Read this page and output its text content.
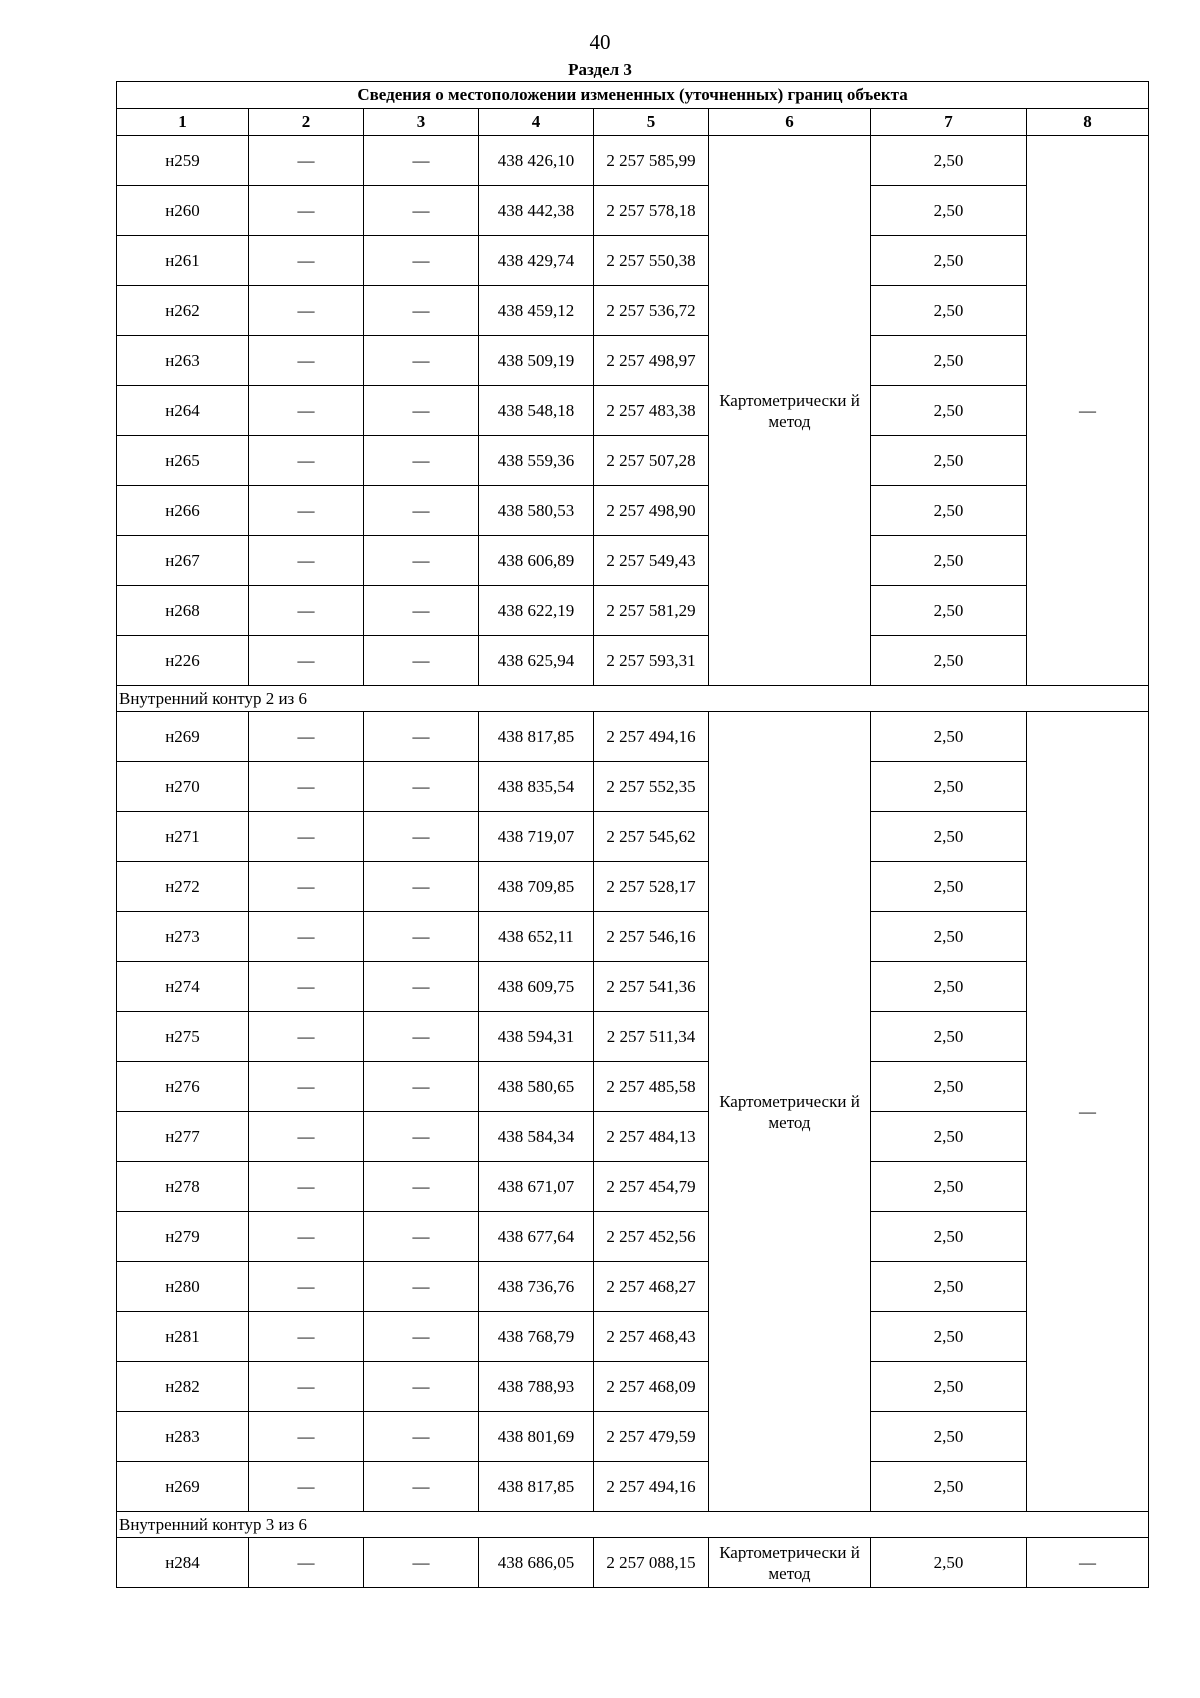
40
Раздел 3
Сведения о местоположении измененных (уточненных) границ объекта							
1	2	3	4	5	6	7	8
н259	—	—	438 426,10	2 257 585,99	Картометрически й метод	2,50	—
н260	—	—	438 442,38	2 257 578,18		2,50	
н261	—	—	438 429,74	2 257 550,38		2,50	
н262	—	—	438 459,12	2 257 536,72		2,50	
н263	—	—	438 509,19	2 257 498,97		2,50	
н264	—	—	438 548,18	2 257 483,38		2,50	
н265	—	—	438 559,36	2 257 507,28		2,50	
н266	—	—	438 580,53	2 257 498,90		2,50	
н267	—	—	438 606,89	2 257 549,43		2,50	
н268	—	—	438 622,19	2 257 581,29		2,50	
н226	—	—	438 625,94	2 257 593,31		2,50	
Внутренний контур 2 из 6							
н269	—	—	438 817,85	2 257 494,16	Картометрически й метод	2,50	—
н270	—	—	438 835,54	2 257 552,35		2,50	
н271	—	—	438 719,07	2 257 545,62		2,50	
н272	—	—	438 709,85	2 257 528,17		2,50	
н273	—	—	438 652,11	2 257 546,16		2,50	
н274	—	—	438 609,75	2 257 541,36		2,50	
н275	—	—	438 594,31	2 257 511,34		2,50	
н276	—	—	438 580,65	2 257 485,58		2,50	
н277	—	—	438 584,34	2 257 484,13		2,50	
н278	—	—	438 671,07	2 257 454,79		2,50	
н279	—	—	438 677,64	2 257 452,56		2,50	
н280	—	—	438 736,76	2 257 468,27		2,50	
н281	—	—	438 768,79	2 257 468,43		2,50	
н282	—	—	438 788,93	2 257 468,09		2,50	
н283	—	—	438 801,69	2 257 479,59		2,50	
н269	—	—	438 817,85	2 257 494,16		2,50	
Внутренний контур 3 из 6							
н284	—	—	438 686,05	2 257 088,15	Картометрически й метод	2,50	—
